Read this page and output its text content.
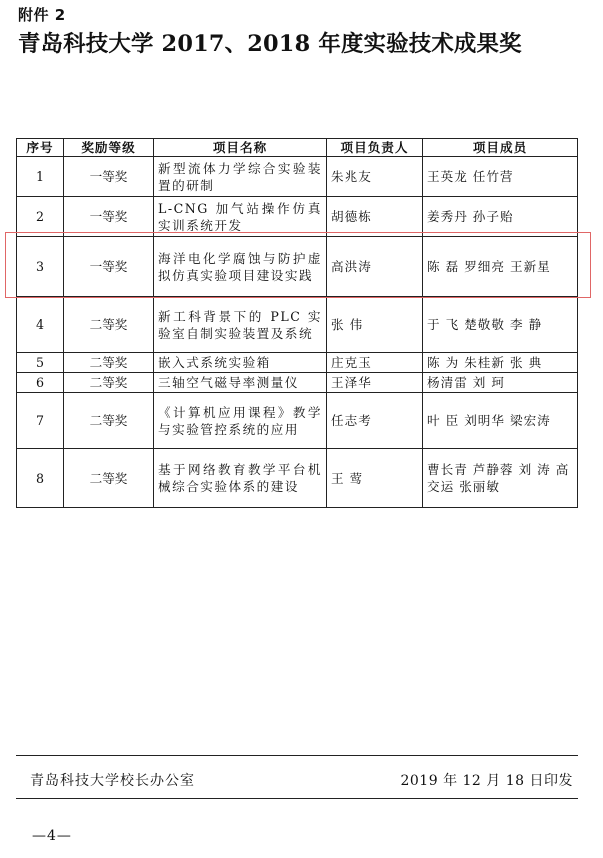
附件 2
青岛科技大学 2017、2018 年度实验技术成果奖
序号	奖励等级	项目名称	项目负责人	项目成员
1	一等奖	新型流体力学综合实验装置的研制	朱兆友	王英龙 任竹营
2	一等奖	L-CNG 加气站操作仿真实训系统开发	胡德栋	姜秀丹 孙子贻
3	一等奖	海洋电化学腐蚀与防护虚拟仿真实验项目建设实践	高洪涛	陈 磊 罗细亮 王新星
4	二等奖	新工科背景下的 PLC 实验室自制实验装置及系统	张 伟	于 飞 楚敬敬 李 静
5	二等奖	嵌入式系统实验箱	庄克玉	陈 为 朱桂新 张 典
6	二等奖	三轴空气磁导率测量仪	王泽华	杨清雷 刘 珂
7	二等奖	《计算机应用课程》教学与实验管控系统的应用	任志考	叶 臣 刘明华 梁宏涛
8	二等奖	基于网络教育教学平台机械综合实验体系的建设	王 莺	曹长青 芦静蓉 刘 涛 高交运 张丽敏
青岛科技大学校长办公室	2019 年 12 月 18 日印发
—4—
